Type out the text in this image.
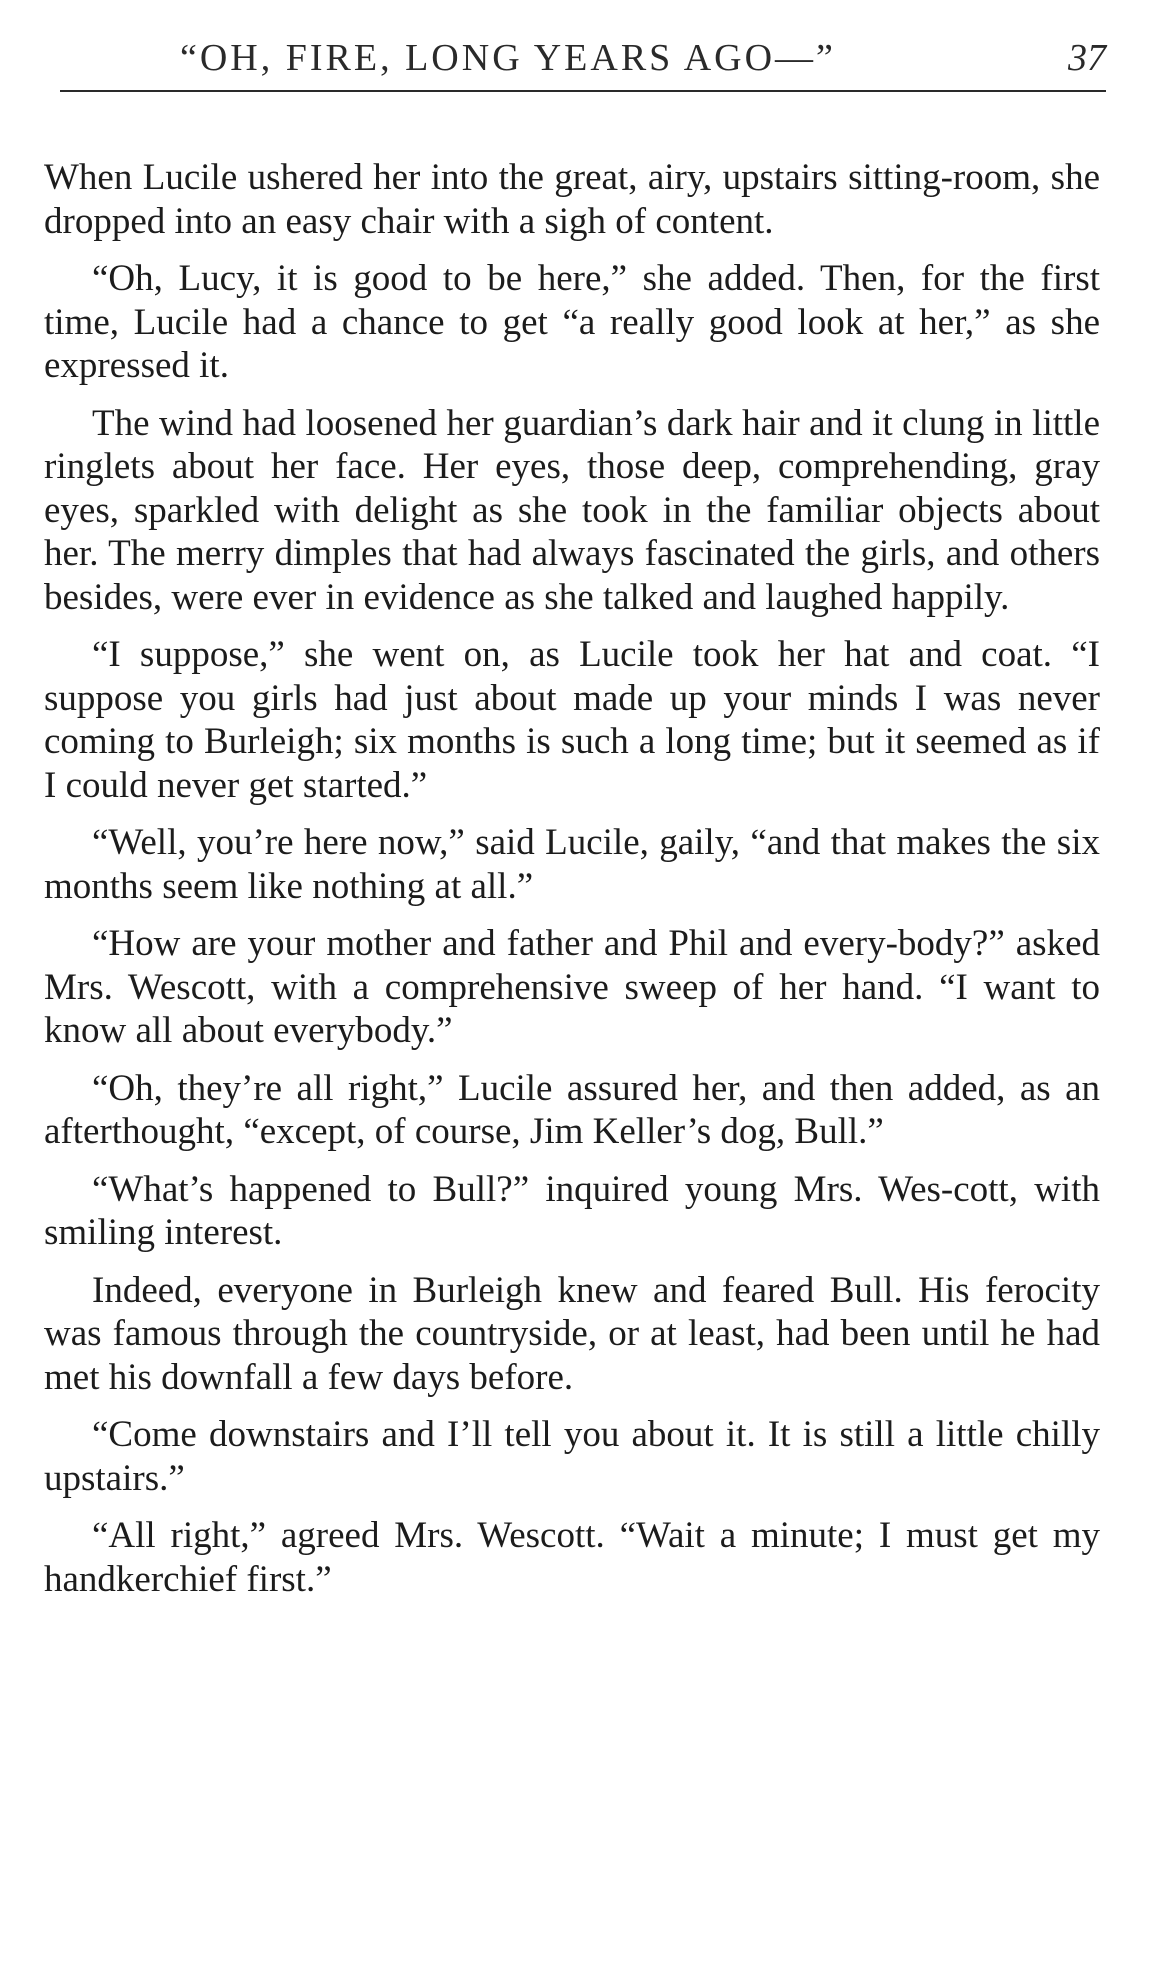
“OH, FIRE, LONG YEARS AGO—”	37

When Lucile ushered her into the great, airy, upstairs sitting-room, she dropped into an easy chair with a sigh of content.

“Oh, Lucy, it is good to be here,” she added. Then, for the first time, Lucile had a chance to get “a really good look at her,” as she expressed it.

The wind had loosened her guardian’s dark hair and it clung in little ringlets about her face. Her eyes, those deep, comprehending, gray eyes, sparkled with delight as she took in the familiar objects about her. The merry dimples that had always fascinated the girls, and others besides, were ever in evidence as she talked and laughed happily.

“I suppose,” she went on, as Lucile took her hat and coat. “I suppose you girls had just about made up your minds I was never coming to Burleigh; six months is such a long time; but it seemed as if I could never get started.”

“Well, you’re here now,” said Lucile, gaily, “and that makes the six months seem like nothing at all.”

“How are your mother and father and Phil and every-body?” asked Mrs. Wescott, with a comprehensive sweep of her hand. “I want to know all about everybody.”

“Oh, they’re all right,” Lucile assured her, and then added, as an afterthought, “except, of course, Jim Keller’s dog, Bull.”

“What’s happened to Bull?” inquired young Mrs. Wes-cott, with smiling interest.

Indeed, everyone in Burleigh knew and feared Bull. His ferocity was famous through the countryside, or at least, had been until he had met his downfall a few days before.

“Come downstairs and I’ll tell you about it. It is still a little chilly upstairs.”

“All right,” agreed Mrs. Wescott. “Wait a minute; I must get my handkerchief first.”
